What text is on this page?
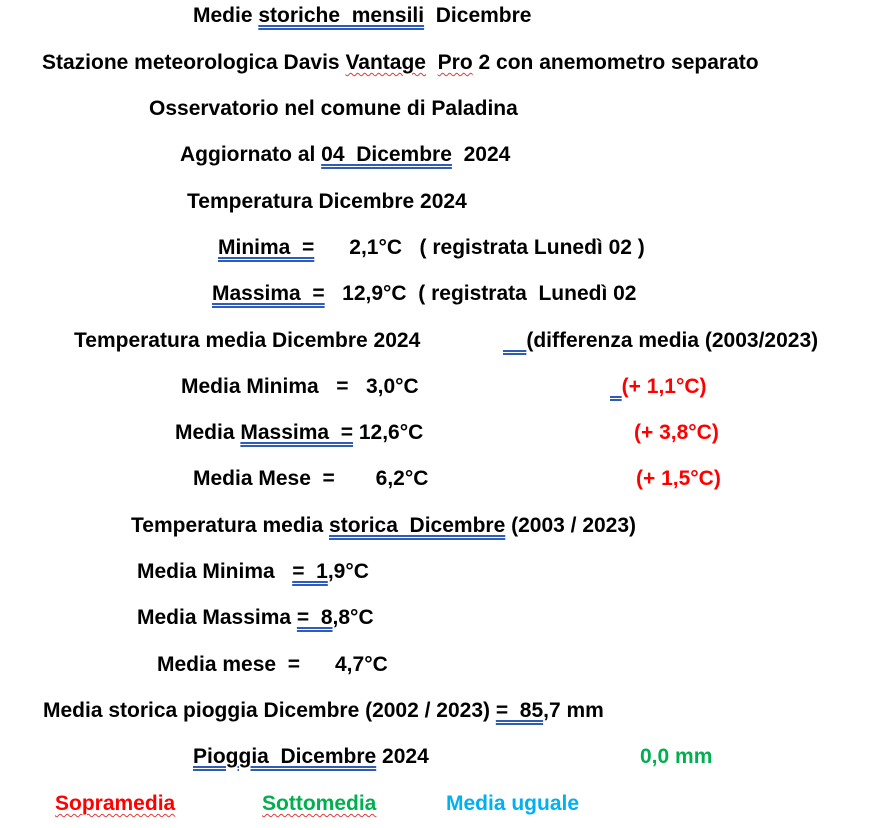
Medie storiche  mensili  Dicembre
Stazione meteorologica Davis Vantage Pro 2 con anemometro separato
Osservatorio nel comune di Paladina
Aggiornato al 04  Dicembre  2024
Temperatura Dicembre 2024
Minima  =      2,1°C   ( registrata Lunedì 02 )
Massima  =   12,9°C  ( registrata  Lunedì 02
Temperatura media Dicembre 2024	(differenza media (2003/2023)
Media Minima   =   3,0°C	(+ 1,1°C)
Media Massima  = 12,6°C	(+ 3,8°C)
Media Mese  =       6,2°C	(+ 1,5°C)
Temperatura media storica  Dicembre (2003 / 2023)
Media Minima   =  1,9°C
Media Massima =  8,8°C
Media mese  =      4,7°C
Media storica pioggia Dicembre (2002 / 2023) =  85,7 mm
Pioggia  Dicembre 2024	0,0 mm
Sopramedia	Sottomedia	Media uguale
